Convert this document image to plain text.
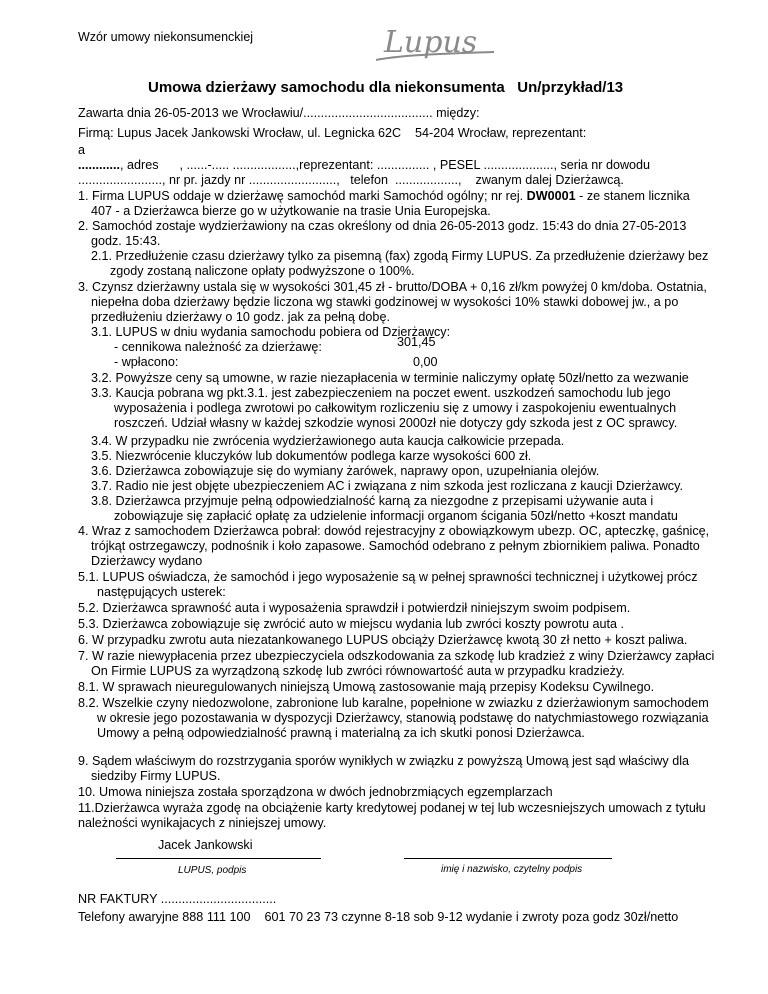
Wzór umowy niekonsumenckiej	Lupus
Umowa dzierżawy samochodu dla niekonsumenta   Un/przykład/13
Zawarta dnia 26-05-2013 we Wrocławiu/..................................... między:
Firmą: Lupus Jacek Jankowski Wrocław, ul. Legnicka 62C 54-204 Wrocław, reprezentant:
a
............, adres      , ......-..... ..................,reprezentant: ............... , PESEL ...................., seria nr dowodu
........................, nr pr. jazdy nr .........................,   telefon  ..................,    zwanym dalej Dzierżawcą.
1. Firma LUPUS oddaje w dzierżawę samochód marki Samochód ogólny; nr rej. DW0001 - ze stanem licznika
407 - a Dzierżawca bierze go w użytkowanie na trasie Unia Europejska.
2. Samochód zostaje wydzierżawiony na czas określony od dnia 26-05-2013 godz. 15:43 do dnia 27-05-2013
godz. 15:43.
2.1. Przedłużenie czasu dzierżawy tylko za pisemną (fax) zgodą Firmy LUPUS. Za przedłużenie dzierżawy bez
zgody zostaną naliczone opłaty podwyższone o 100%.
3. Czynsz dzierżawny ustala się w wysokości 301,45 zł - brutto/DOBA + 0,16 zł/km powyżej 0 km/doba. Ostatnia,
niepełna doba dzierżawy będzie liczona wg stawki godzinowej w wysokości 10% stawki dobowej jw., a po
przedłużeniu dzierżawy o 10 godz. jak za pełną dobę.
3.1. LUPUS w dniu wydania samochodu pobiera od Dzierżawcy:
- cennikowa należność za dzierżawę:	301,45
- wpłacono:	0,00
3.2. Powyższe ceny są umowne, w razie niezapłacenia w terminie naliczymy opłatę 50zł/netto za wezwanie
3.3. Kaucja pobrana wg pkt.3.1. jest zabezpieczeniem na poczet ewent. uszkodzeń samochodu lub jego
wyposażenia i podlega zwrotowi po całkowitym rozliczeniu się z umowy i zaspokojeniu ewentualnych
roszczeń. Udział własny w każdej szkodzie wynosi 2000zł nie dotyczy gdy szkoda jest z OC sprawcy.
3.4. W przypadku nie zwrócenia wydzierżawionego auta kaucja całkowicie przepada.
3.5. Niezwrócenie kluczyków lub dokumentów podlega karze wysokości 600 zł.
3.6. Dzierżawca zobowiązuje się do wymiany żarówek, naprawy opon, uzupełniania olejów.
3.7. Radio nie jest objęte ubezpieczeniem AC i związana z nim szkoda jest rozliczana z kaucji Dzierżawcy.
3.8. Dzierżawca przyjmuje pełną odpowiedzialność karną za niezgodne z przepisami używanie auta i
zobowiązuje się zapłacić opłatę za udzielenie informacji organom ścigania 50zł/netto +koszt mandatu
4. Wraz z samochodem Dzierżawca pobrał: dowód rejestracyjny z obowiązkowym ubezp. OC, apteczkę, gaśnicę,
trójkąt ostrzegawczy, podnośnik i koło zapasowe. Samochód odebrano z pełnym zbiornikiem paliwa. Ponadto
Dzierżawcy wydano
5.1. LUPUS oświadcza, że samochód i jego wyposażenie są w pełnej sprawności technicznej i użytkowej prócz
następujących usterek:
5.2. Dzierżawca sprawność auta i wyposażenia sprawdził i potwierdził niniejszym swoim podpisem.
5.3. Dzierżawca zobowiązuje się zwrócić auto w miejscu wydania lub zwróci koszty powrotu auta .
6. W przypadku zwrotu auta niezatankowanego LUPUS obciąży Dzierżawcę kwotą 30 zł netto + koszt paliwa.
7. W razie niewypłacenia przez ubezpieczyciela odszkodowania za szkodę lub kradzież z winy Dzierżawcy zapłaci
On Firmie LUPUS za wyrządzoną szkodę lub zwróci równowartość auta w przypadku kradzieży.
8.1. W sprawach nieuregulowanych niniejszą Umową zastosowanie mają przepisy Kodeksu Cywilnego.
8.2. Wszelkie czyny niedozwolone, zabronione lub karalne, popełnione w zwiazku z dzierżawionym samochodem
w okresie jego pozostawania w dyspozycji Dzierżawcy, stanowią podstawę do natychmiastowego rozwiązania
Umowy a pełną odpowiedzialność prawną i materialną za ich skutki ponosi Dzierżawca.
9. Sądem właściwym do rozstrzygania sporów wynikłych w związku z powyższą Umową jest sąd właściwy dla
siedziby Firmy LUPUS.
10. Umowa niniejsza została sporządzona w dwóch jednobrzmiących egzemplarzach
11.Dzierżawca wyraża zgodę na obciążenie karty kredytowej podanej w tej lub wczesniejszych umowach z tytułu
należności wynikajacych z niniejszej umowy.
Jacek Jankowski
LUPUS, podpis	imię i nazwisko, czytelny podpis
NR FAKTURY .................................
Telefony awaryjne 888 111 100    601 70 23 73 czynne 8-18 sob 9-12 wydanie i zwroty poza godz 30zł/netto
